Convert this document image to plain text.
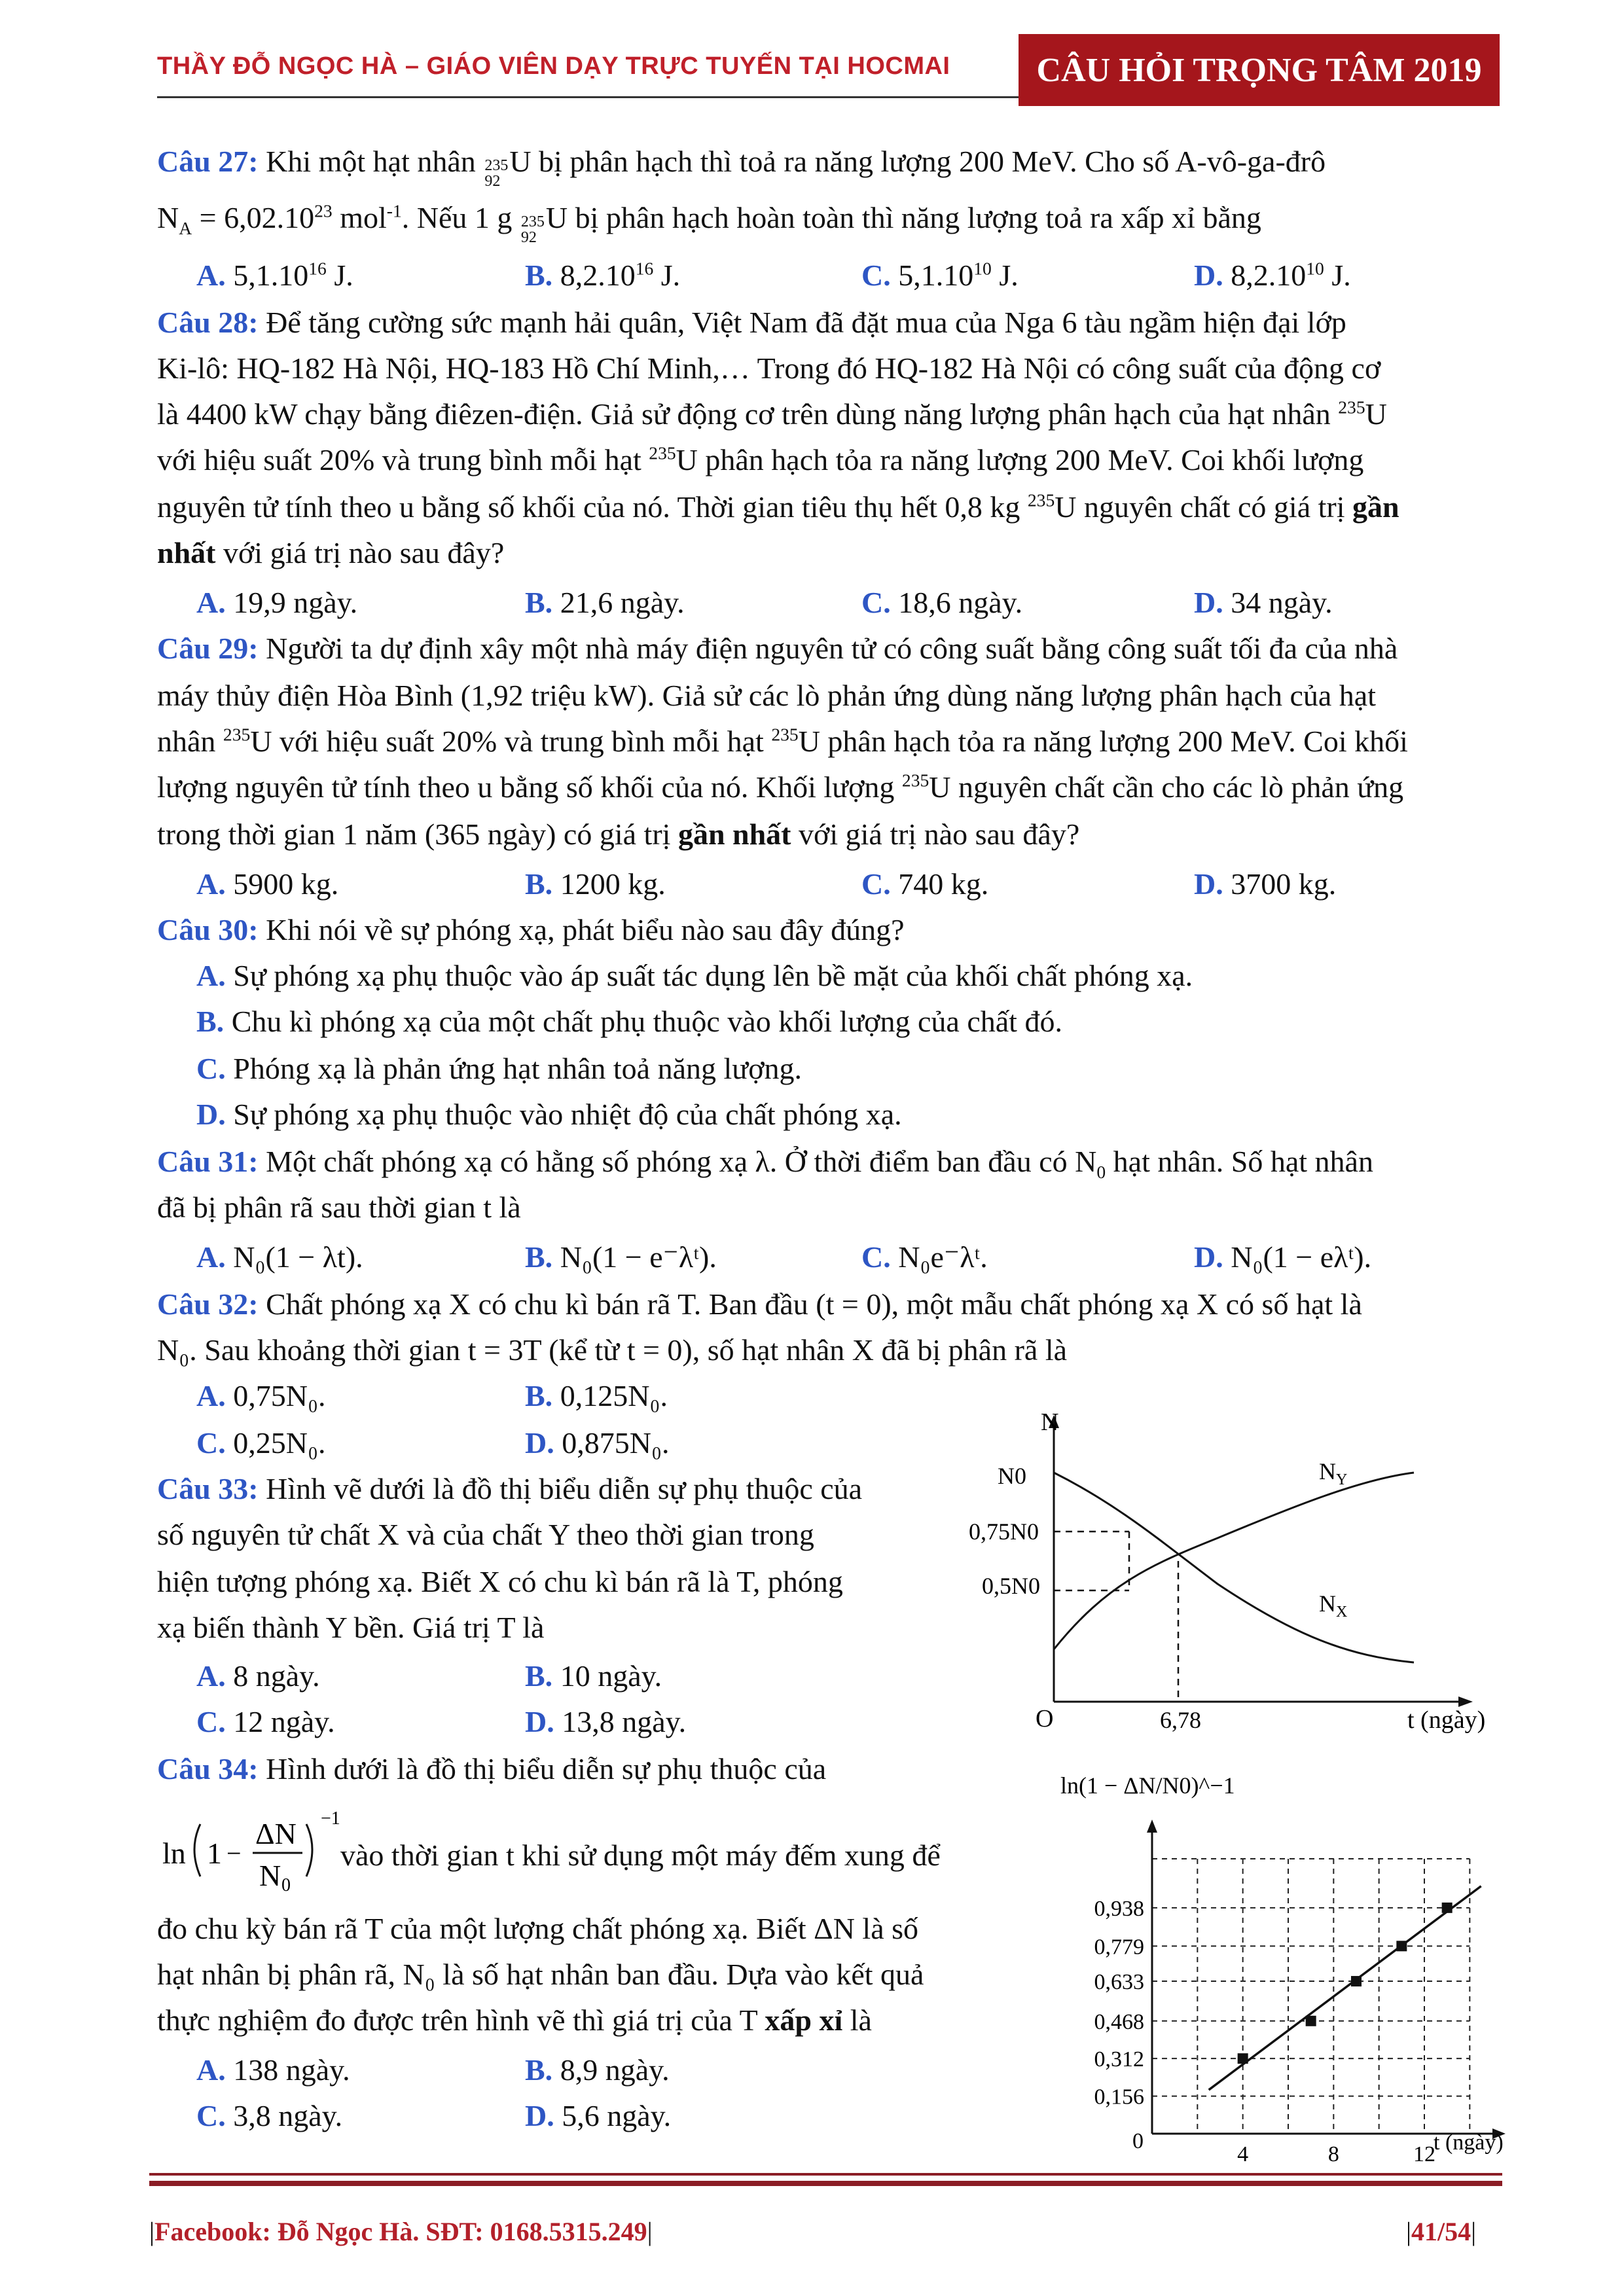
THẦY ĐỖ NGỌC HÀ – GIÁO VIÊN DẠY TRỰC TUYẾN TẠI HOCMAI	CÂU HỎI TRỌNG TÂM 2019
Câu 27: Khi một hạt nhân 235
92
U bị phân hạch thì toả ra năng lượng 200 MeV. Cho số A-vô-ga-đrô
$N_A = 6,02.10^{23}$ mol$^{-1}$. Nếu 1 g 235
92
U bị phân hạch hoàn toàn thì năng lượng toả ra xấp xỉ bằng
A. 5,1.10$^{16}$ J.	B. 8,2.10$^{16}$ J.	C. 5,1.10$^{10}$ J.	D. 8,2.10$^{10}$ J.
Câu 28: Để tăng cường sức mạnh hải quân, Việt Nam đã đặt mua của Nga 6 tàu ngầm hiện đại lớp
Ki-lô: HQ-182 Hà Nội, HQ-183 Hồ Chí Minh,… Trong đó HQ-182 Hà Nội có công suất của động cơ
là 4400 kW chạy bằng điêzen-điện. Giả sử động cơ trên dùng năng lượng phân hạch của hạt nhân $^{235}$U
với hiệu suất 20% và trung bình mỗi hạt $^{235}$U phân hạch tỏa ra năng lượng 200 MeV. Coi khối lượng
nguyên tử tính theo u bằng số khối của nó. Thời gian tiêu thụ hết 0,8 kg $^{235}$U nguyên chất có giá trị gần
nhất với giá trị nào sau đây?
A. 19,9 ngày.	B. 21,6 ngày.	C. 18,6 ngày.	D. 34 ngày.
Câu 29: Người ta dự định xây một nhà máy điện nguyên tử có công suất bằng công suất tối đa của nhà
máy thủy điện Hòa Bình (1,92 triệu kW). Giả sử các lò phản ứng dùng năng lượng phân hạch của hạt
nhân $^{235}$U với hiệu suất 20% và trung bình mỗi hạt $^{235}$U phân hạch tỏa ra năng lượng 200 MeV. Coi khối
lượng nguyên tử tính theo u bằng số khối của nó. Khối lượng $^{235}$U nguyên chất cần cho các lò phản ứng
trong thời gian 1 năm (365 ngày) có giá trị gần nhất với giá trị nào sau đây?
A. 5900 kg.	B. 1200 kg.	C. 740 kg.	D. 3700 kg.
Câu 30: Khi nói về sự phóng xạ, phát biểu nào sau đây đúng?
A. Sự phóng xạ phụ thuộc vào áp suất tác dụng lên bề mặt của khối chất phóng xạ.
B. Chu kì phóng xạ của một chất phụ thuộc vào khối lượng của chất đó.
C. Phóng xạ là phản ứng hạt nhân toả năng lượng.
D. Sự phóng xạ phụ thuộc vào nhiệt độ của chất phóng xạ.
Câu 31: Một chất phóng xạ có hằng số phóng xạ λ. Ở thời điểm ban đầu có $N_0$ hạt nhân. Số hạt nhân
đã bị phân rã sau thời gian t là
A. N₀(1 − λt).	B. N₀(1 − e⁻λᵗ).	C. N₀e⁻λᵗ.	D. N₀(1 − eλᵗ).
Câu 32: Chất phóng xạ X có chu kì bán rã T. Ban đầu (t = 0), một mẫu chất phóng xạ X có số hạt là
N₀. Sau khoảng thời gian t = 3T (kể từ t = 0), số hạt nhân X đã bị phân rã là
A. 0,75N₀.	B. 0,125N₀.
C. 0,25N₀.	D. 0,875N₀.
Câu 33: Hình vẽ dưới là đồ thị biểu diễn sự phụ thuộc của
số nguyên tử chất X và của chất Y theo thời gian trong
hiện tượng phóng xạ. Biết X có chu kì bán rã là T, phóng
xạ biến thành Y bền. Giá trị T là
A. 8 ngày.	B. 10 ngày.
C. 12 ngày.	D. 13,8 ngày.
Câu 34: Hình dưới là đồ thị biểu diễn sự phụ thuộc của
ln 1 −
ΔN
N 0
−1
vào thời gian t khi sử dụng một máy đếm xung để
đo chu kỳ bán rã T của một lượng chất phóng xạ. Biết ΔN là số
hạt nhân bị phân rã, N₀ là số hạt nhân ban đầu. Dựa vào kết quả
thực nghiệm đo được trên hình vẽ thì giá trị của T xấp xỉ là
A. 138 ngày.	B. 8,9 ngày.
C. 3,8 ngày.	D. 5,6 ngày.
N
O	t (ngày)
N0
0,75N0
0,5N0
6,78
$N_Y$
$N_X$
ln(1 − ΔN/N0)^−1
0	t (ngày)
0,938
0,779
0,633
0,468
0,312
0,156
4	8	12
|Facebook: Đỗ Ngọc Hà. SĐT: 0168.5315.249|	|41/54|
